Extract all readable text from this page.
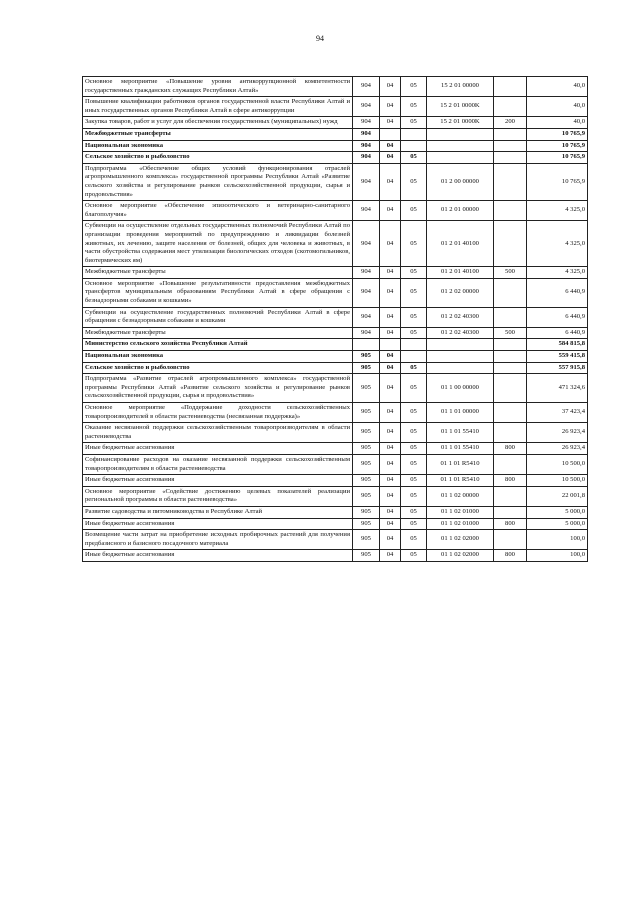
94
Основное мероприятие «Повышение уровня антикоррупционной компетентности государственных гражданских служащих Республики Алтай»	904	04	05	15 2 01 00000		40,0
Повышение квалификации работников органов государственной власти Республики Алтай и иных государственных органов Республики Алтай в сфере антикоррупции	904	04	05	15 2 01 0000K		40,0
Закупка товаров, работ и услуг для обеспечения государственных (муниципальных) нужд	904	04	05	15 2 01 0000K	200	40,0
Межбюджетные трансферты	904					10 765,9
Национальная экономика	904	04				10 765,9
Сельское хозяйство и рыболовство	904	04	05			10 765,9
Подпрограмма «Обеспечение общих условий функционирования отраслей агропромышленного комплекса» государственной программы Республики Алтай «Развитие сельского хозяйства и регулирование рынков сельскохозяйственной продукции, сырья и продовольствия»	904	04	05	01 2 00 00000		10 765,9
Основное мероприятие «Обеспечение эпизоотического и ветеринарно-санитарного благополучия»	904	04	05	01 2 01 00000		4 325,0
Субвенции на осуществление отдельных государственных полномочий Республики Алтай по организации проведения мероприятий по предупреждению и ликвидации болезней животных, их лечению, защите населения от болезней, общих для человека и животных, в части обустройства содержания мест утилизации биологических отходов (скотомогильников, биотермических ям)	904	04	05	01 2 01 40100		4 325,0
Межбюджетные трансферты	904	04	05	01 2 01 40100	500	4 325,0
Основное мероприятие «Повышение результативности предоставления межбюджетных трансфертов муниципальным образованиям Республики Алтай в сфере обращения с безнадзорными собаками и кошками»	904	04	05	01 2 02 00000		6 440,9
Субвенции на осуществление государственных полномочий Республики Алтай в сфере обращения с безнадзорными собаками и кошками	904	04	05	01 2 02 40300		6 440,9
Межбюджетные трансферты	904	04	05	01 2 02 40300	500	6 440,9
Министерство сельского хозяйства Республики Алтай						584 815,8
Национальная экономика	905	04				559 415,8
Сельское хозяйство и рыболовство	905	04	05			557 915,8
Подпрограмма «Развитие отраслей агропромышленного комплекса» государственной программы Республики Алтай «Развитие сельского хозяйства и регулирование рынков сельскохозяйственной продукции, сырья и продовольствия»	905	04	05	01 1 00 00000		471 324,6
Основное мероприятие «Поддержание доходности сельскохозяйственных товаропроизводителей в области растениеводства (несвязанная поддержка)»	905	04	05	01 1 01 00000		37 423,4
Оказание несвязанной поддержки сельскохозяйственным товаропроизводителям в области растениеводства	905	04	05	01 1 01 55410		26 923,4
Иные бюджетные ассигнования	905	04	05	01 1 01 55410	800	26 923,4
Софинансирование расходов на оказание несвязанной поддержки сельскохозяйственным товаропроизводителям в области растениеводства	905	04	05	01 1 01 R5410		10 500,0
Иные бюджетные ассигнования	905	04	05	01 1 01 R5410	800	10 500,0
Основное мероприятие «Содействие достижению целевых показателей реализации региональной программы в области растениеводства»	905	04	05	01 1 02 00000		22 001,8
Развитие садоводства и питомниководства в Республике Алтай	905	04	05	01 1 02 01000		5 000,0
Иные бюджетные ассигнования	905	04	05	01 1 02 01000	800	5 000,0
Возмещение части затрат на приобретение исходных пробирочных растений для получения предбазисного и базисного посадочного материала	905	04	05	01 1 02 02000		100,0
Иные бюджетные ассигнования	905	04	05	01 1 02 02000	800	100,0
